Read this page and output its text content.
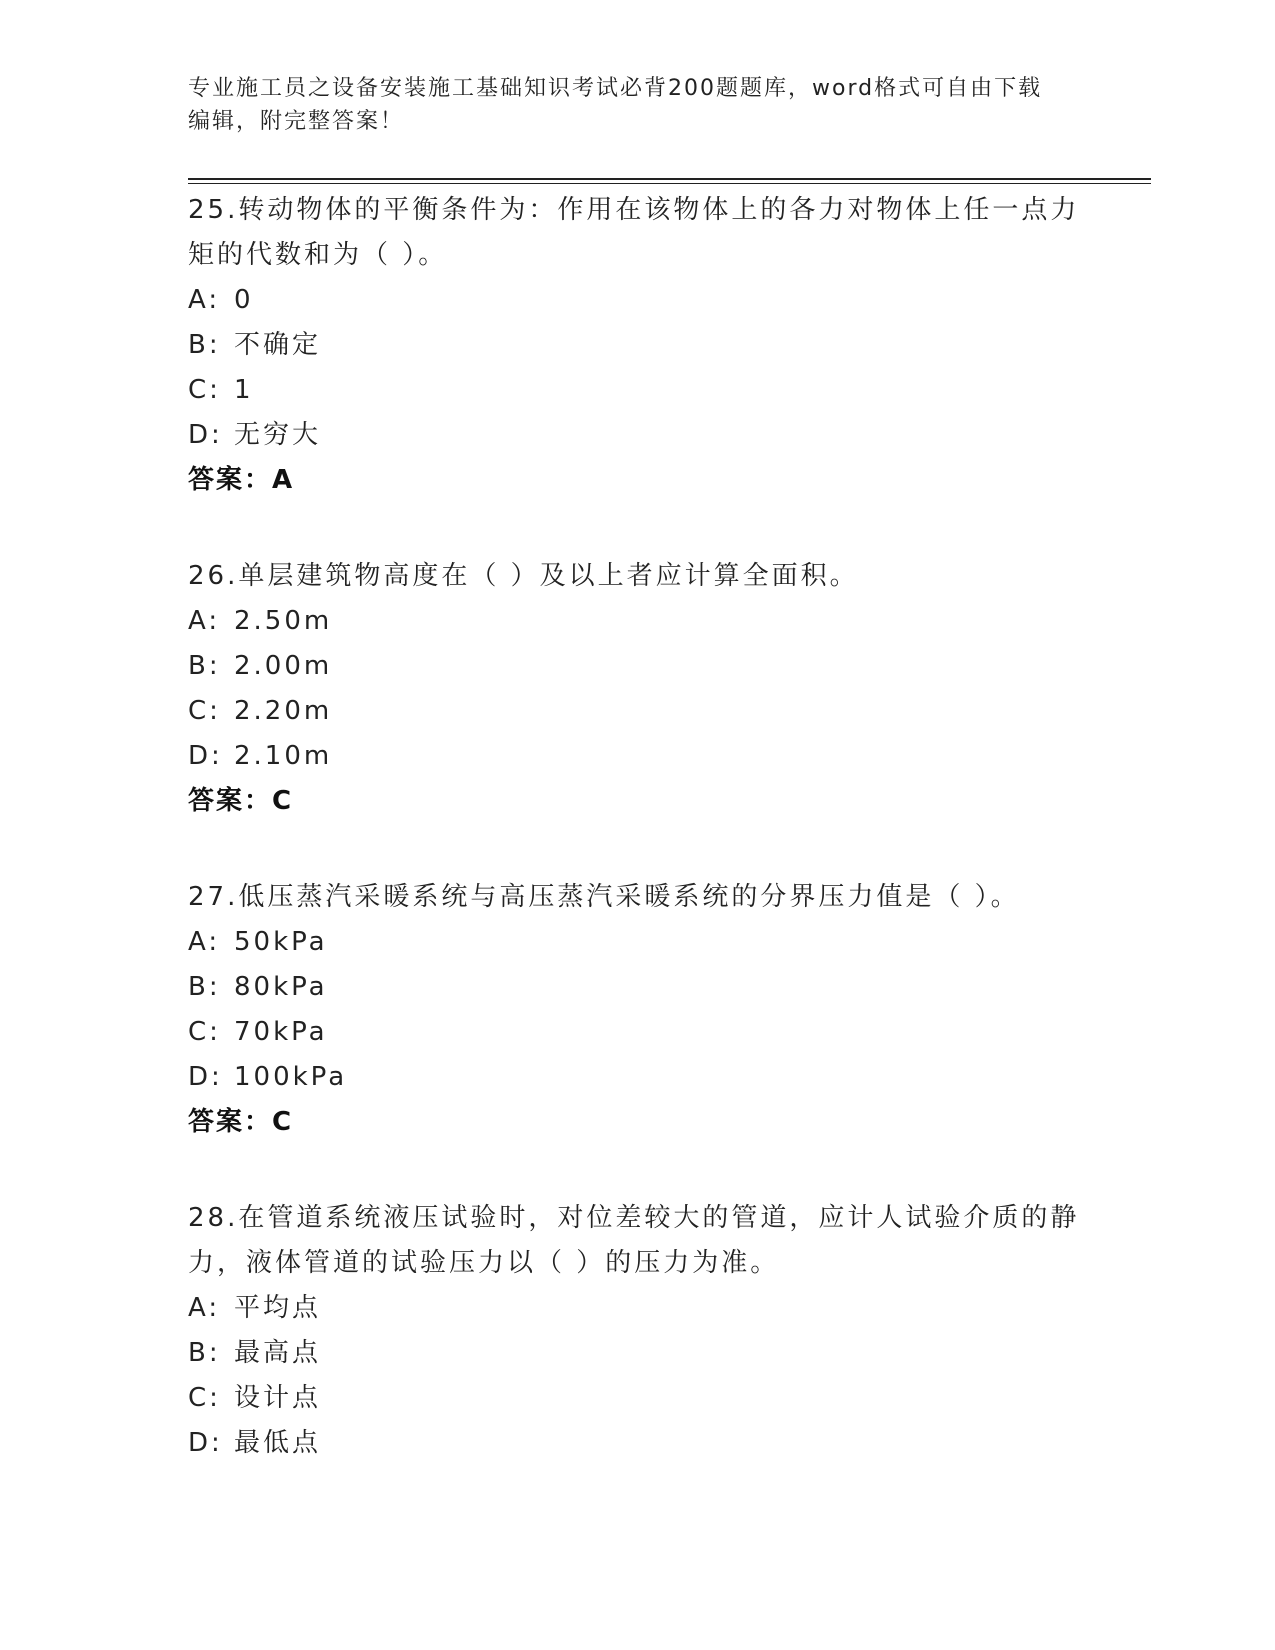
专业施工员之设备安装施工基础知识考试必背200题题库，word格式可自由下载
编辑，附完整答案！
25.转动物体的平衡条件为：作用在该物体上的各力对物体上任一点力
矩的代数和为（ ）。
A: 0
B: 不确定
C: 1
D: 无穷大
答案：A
26.单层建筑物高度在（ ）及以上者应计算全面积。
A: 2.50m
B: 2.00m
C: 2.20m
D: 2.10m
答案：C
27.低压蒸汽采暖系统与高压蒸汽采暖系统的分界压力值是（ ）。
A: 50kPa
B: 80kPa
C: 70kPa
D: 100kPa
答案：C
28.在管道系统液压试验时，对位差较大的管道，应计人试验介质的静
力，液体管道的试验压力以（ ）的压力为准。
A: 平均点
B: 最高点
C: 设计点
D: 最低点
